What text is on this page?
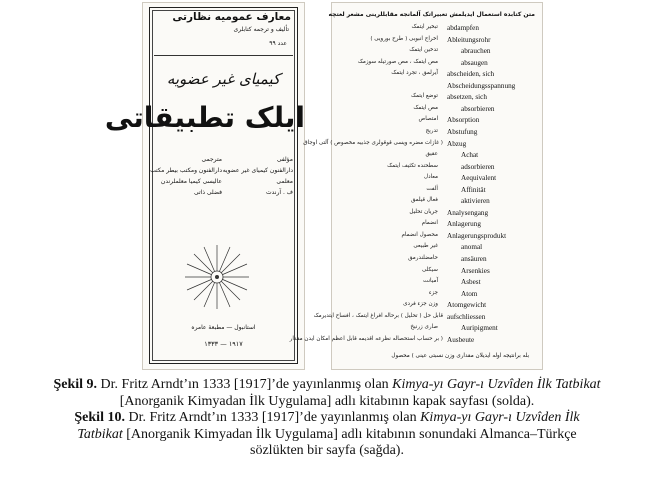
معارف عمومیه نظارتی
تألیف و ترجمه کتابلری
عدد ۹۹
کیمیای غیر عضویه
ایلک تطبیقاتی
مؤلفی
دارالفنون کیمیای غیر عضویه
معلمی
ف . آرندت
مترجمی
دارالفنون ومکتب بیطر مکتب
عالیسی کیمیا معلملرندن
فضلی ذاتی
استانبول — مطبعهٔ عامره
۱۹۱۷ — ۱۳۳۳
متن کتابده استعمال ایدیلمش تعبیراتک آلمانجه مقابللرینی مشعر لغتچه
تبخیر ایتمک abdampfen
اخراج انبوبی ( طرح بورویی ) Ableitungsrohr
تدخین ایتمک	abrauchen
مص ایتمک ، مص صورتیله سوزمک	absaugen
آیرلمق ، تجرد ایتمک abscheiden, sich
Abscheidungsspannung
توضع ایتمک absetzen, sich
مص ایتمک	absorbieren
امتصاص Absorption
تدریج Abstufung
( غازات مضره ویسی قوقولری جذبیه مخصوص ) آلتی اوجاق Abzug
عقیق	Achat
سطحنده تکثیف ایتمک	adsorbieren
معادل	Aequivalent
ألفت	Affinität
فعال قیلمق	aktivieren
جریان تحلیل Analysengang
انضمام Anlagerung
محصول انضمام Anlagerungsprodukt
غیر طبیعی	anomal
حامضلندرمق	ansäuren
سیکلی	Arsenkies
آمیانت	Asbest
جزء	Atom
وزن جزء فردی Atomgewicht
قابل حل ( تحلیل ) برحاله افراغ ایتمک ، افساح ایتدیرمک aufschliessen
صاری زرنیخ	Auripigment
( بر حساب استحصاله نظرعه اقدیمه قابل اعظم امکان ایدن مقدار Ausbeute
بله برانتیجه اوله ایدیلان مقداری وزن نسبتی عینی ) محصول

Şekil 9. Dr. Fritz Arndt’ın 1333 [1917]’de yayınlanmış olan Kimya-yı Gayr-ı Uzvîden İlk Tatbikat

[Anorganik Kimyadan İlk Uygulama] adlı kitabının kapak sayfası (solda).

Şekil 10. Dr. Fritz Arndt’ın 1333 [1917]’de yayınlanmış olan Kimya-yı Gayr-ı Uzvîden İlk

Tatbikat [Anorganik Kimyadan İlk Uygulama] adlı kitabının sonundaki Almanca–Türkçe

sözlükten bir sayfa (sağda).
